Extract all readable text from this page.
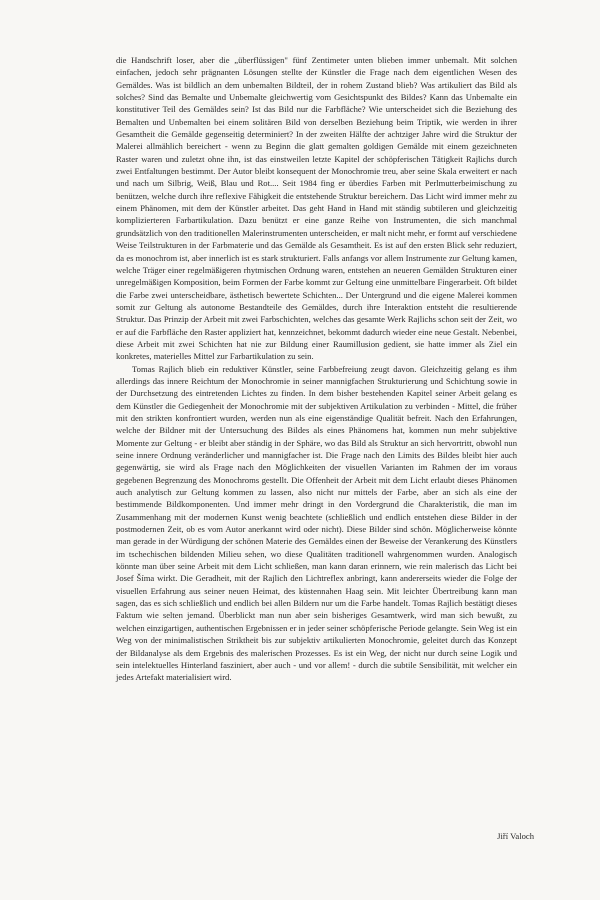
die Handschrift loser, aber die „überflüssigen" fünf Zentimeter unten blieben immer unbemalt. Mit solchen einfachen, jedoch sehr prägnanten Lösungen stellte der Künstler die Frage nach dem eigentlichen Wesen des Gemäldes. Was ist bildlich an dem unbemalten Bildteil, der in rohem Zustand blieb? Was artikuliert das Bild als solches? Sind das Bemalte und Unbemalte gleichwertig vom Gesichtspunkt des Bildes? Kann das Unbemalte ein konstitutiver Teil des Gemäldes sein? Ist das Bild nur die Farbfläche? Wie unterscheidet sich die Beziehung des Bemalten und Unbemalten bei einem solitären Bild von derselben Beziehung beim Triptik, wie werden in ihrer Gesamtheit die Gemälde gegenseitig determiniert? In der zweiten Hälfte der achtziger Jahre wird die Struktur der Malerei allmählich bereichert - wenn zu Beginn die glatt gemalten goldigen Gemälde mit einem gezeichneten Raster waren und zuletzt ohne ihn, ist das einstweilen letzte Kapitel der schöpferischen Tätigkeit Rajlichs durch zwei Entfaltungen bestimmt. Der Autor bleibt konsequent der Monochromie treu, aber seine Skala erweitert er nach und nach um Silbrig, Weiß, Blau und Rot.... Seit 1984 fing er überdies Farben mit Perlmutterbeimischung zu benützen, welche durch ihre reflexive Fähigkeit die entstehende Struktur bereichern. Das Licht wird immer mehr zu einem Phänomen, mit dem der Künstler arbeitet. Das geht Hand in Hand mit ständig subtileren und gleichzeitig komplizierteren Farbartikulation. Dazu benützt er eine ganze Reihe von Instrumenten, die sich manchmal grundsätzlich von den traditionellen Malerinstrumenten unterscheiden, er malt nicht mehr, er formt auf verschiedene Weise Teilstrukturen in der Farbmaterie und das Gemälde als Gesamtheit. Es ist auf den ersten Blick sehr reduziert, da es monochrom ist, aber innerlich ist es stark strukturiert. Falls anfangs vor allem Instrumente zur Geltung kamen, welche Träger einer regelmäßigeren rhytmischen Ordnung waren, entstehen an neueren Gemälden Strukturen einer unregelmäßigen Komposition, beim Formen der Farbe kommt zur Geltung eine unmittelbare Fingerarbeit. Oft bildet die Farbe zwei unterscheidbare, ästhetisch bewertete Schichten... Der Untergrund und die eigene Malerei kommen somit zur Geltung als autonome Bestandteile des Gemäldes, durch ihre Interaktion entsteht die resultierende Struktur. Das Prinzip der Arbeit mit zwei Farbschichten, welches das gesamte Werk Rajlichs schon seit der Zeit, wo er auf die Farbfläche den Raster appliziert hat, kennzeichnet, bekommt dadurch wieder eine neue Gestalt. Nebenbei, diese Arbeit mit zwei Schichten hat nie zur Bildung einer Raumillusion gedient, sie hatte immer als Ziel ein konkretes, materielles Mittel zur Farbartikulation zu sein.

Tomas Rajlich blieb ein reduktiver Künstler, seine Farbbefreiung zeugt davon. Gleichzeitig gelang es ihm allerdings das innere Reichtum der Monochromie in seiner mannigfachen Strukturierung und Schichtung sowie in der Durchsetzung des eintretenden Lichtes zu finden. In dem bisher bestehenden Kapitel seiner Arbeit gelang es dem Künstler die Gediegenheit der Monochromie mit der subjektiven Artikulation zu verbinden - Mittel, die früher mit den strikten konfrontiert wurden, werden nun als eine eigenständige Qualität befreit. Nach den Erfahrungen, welche der Bildner mit der Untersuchung des Bildes als eines Phänomens hat, kommen nun mehr subjektive Momente zur Geltung - er bleibt aber ständig in der Sphäre, wo das Bild als Struktur an sich hervortritt, obwohl nun seine innere Ordnung veränderlicher und mannigfacher ist. Die Frage nach den Limits des Bildes bleibt hier auch gegenwärtig, sie wird als Frage nach den Möglichkeiten der visuellen Varianten im Rahmen der im voraus gegebenen Begrenzung des Monochroms gestellt. Die Offenheit der Arbeit mit dem Licht erlaubt dieses Phänomen auch analytisch zur Geltung kommen zu lassen, also nicht nur mittels der Farbe, aber an sich als eine der bestimmende Bildkomponenten. Und immer mehr dringt in den Vordergrund die Charakteristik, die man im Zusammenhang mit der modernen Kunst wenig beachtete (schließlich und endlich entstehen diese Bilder in der postmodernen Zeit, ob es vom Autor anerkannt wird oder nicht). Diese Bilder sind schön. Möglicherweise könnte man gerade in der Würdigung der schönen Materie des Gemäldes einen der Beweise der Verankerung des Künstlers im tschechischen bildenden Milieu sehen, wo diese Qualitäten traditionell wahrgenommen wurden. Analogisch könnte man über seine Arbeit mit dem Licht schließen, man kann daran erinnern, wie rein malerisch das Licht bei Josef Šíma wirkt. Die Geradheit, mit der Rajlich den Lichtreflex anbringt, kann andererseits wieder die Folge der visuellen Erfahrung aus seiner neuen Heimat, des küstennahen Haag sein. Mit leichter Übertreibung kann man sagen, das es sich schließlich und endlich bei allen Bildern nur um die Farbe handelt. Tomas Rajlich bestätigt dieses Faktum wie selten jemand. Überblickt man nun aber sein bisheriges Gesamtwerk, wird man sich bewußt, zu welchen einzigartigen, authentischen Ergebnissen er in jeder seiner schöpferische Periode gelangte. Sein Weg ist ein Weg von der minimalistischen Striktheit bis zur subjektiv artikulierten Monochromie, geleitet durch das Konzept der Bildanalyse als dem Ergebnis des malerischen Prozesses. Es ist ein Weg, der nicht nur durch seine Logik und sein intelektuelles Hinterland fasziniert, aber auch - und vor allem! - durch die subtile Sensibilität, mit welcher ein jedes Artefakt materialisiert wird.

Jiří Valoch
